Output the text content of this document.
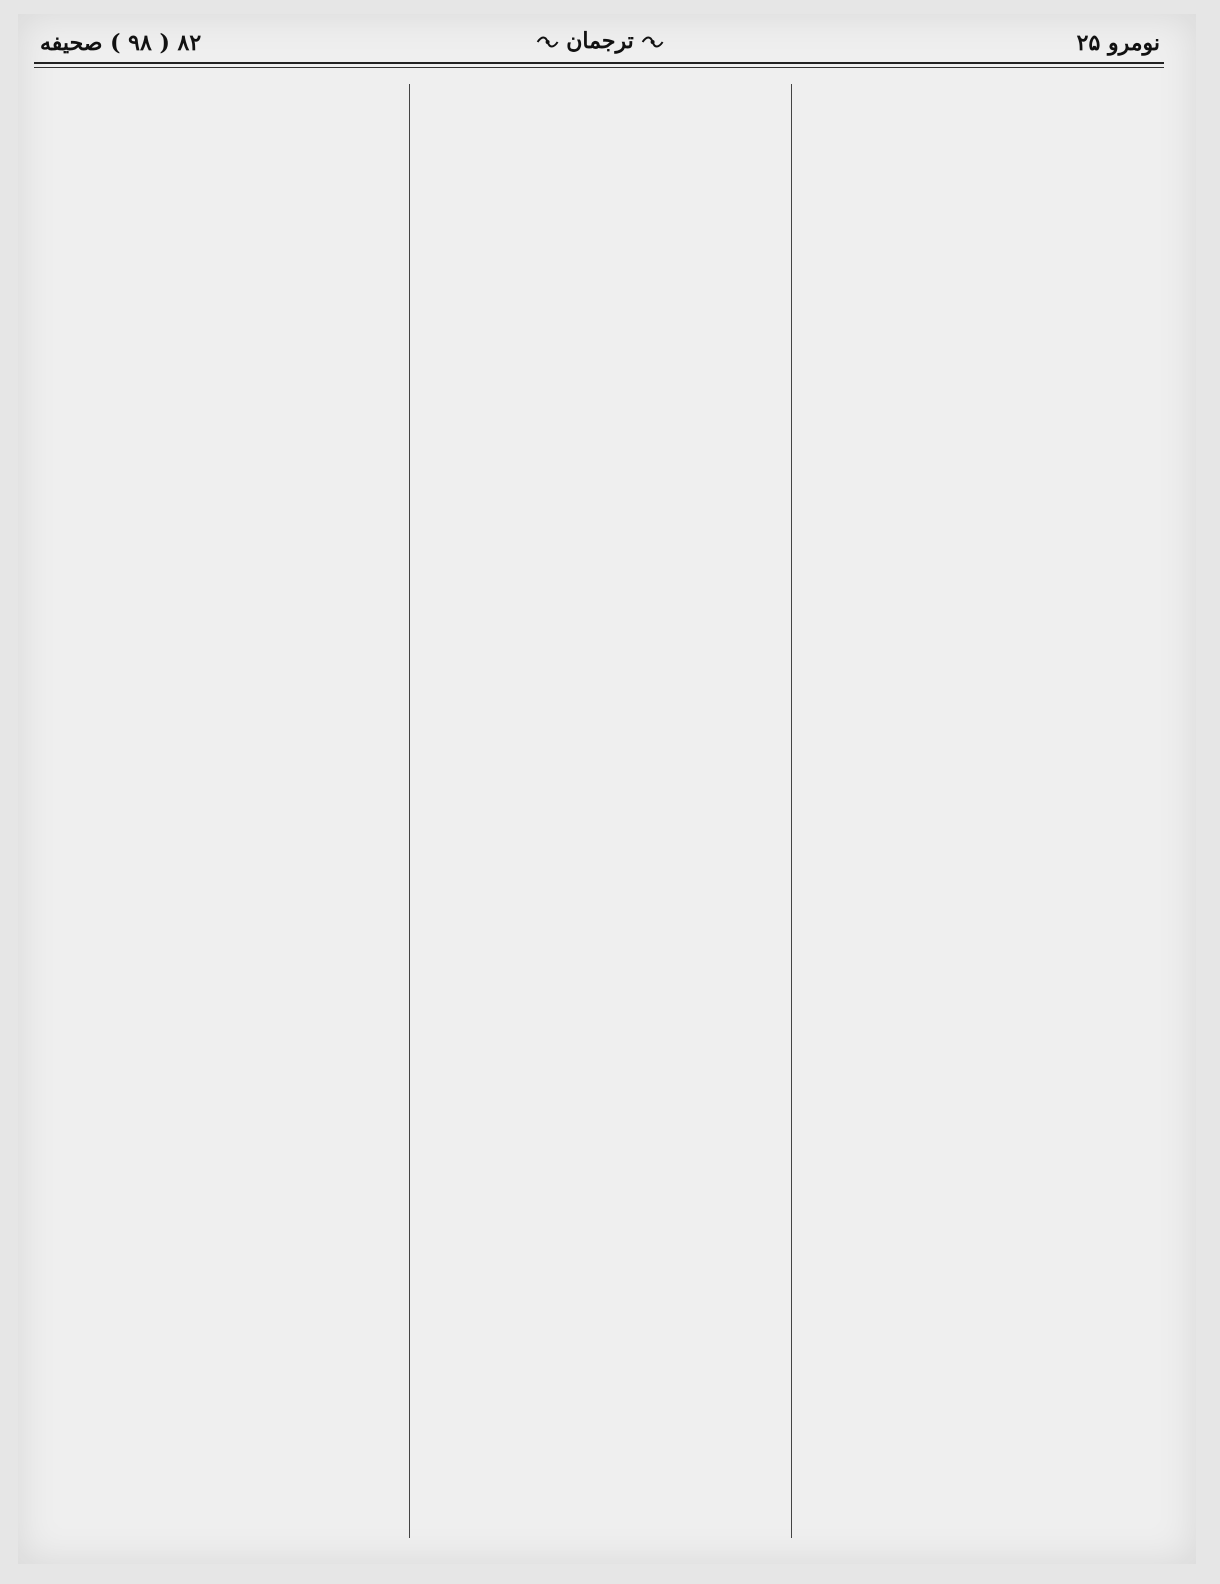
نومرو ۲۵
ترجمان
۸۲ ( ۹۸ ) صحيفه
